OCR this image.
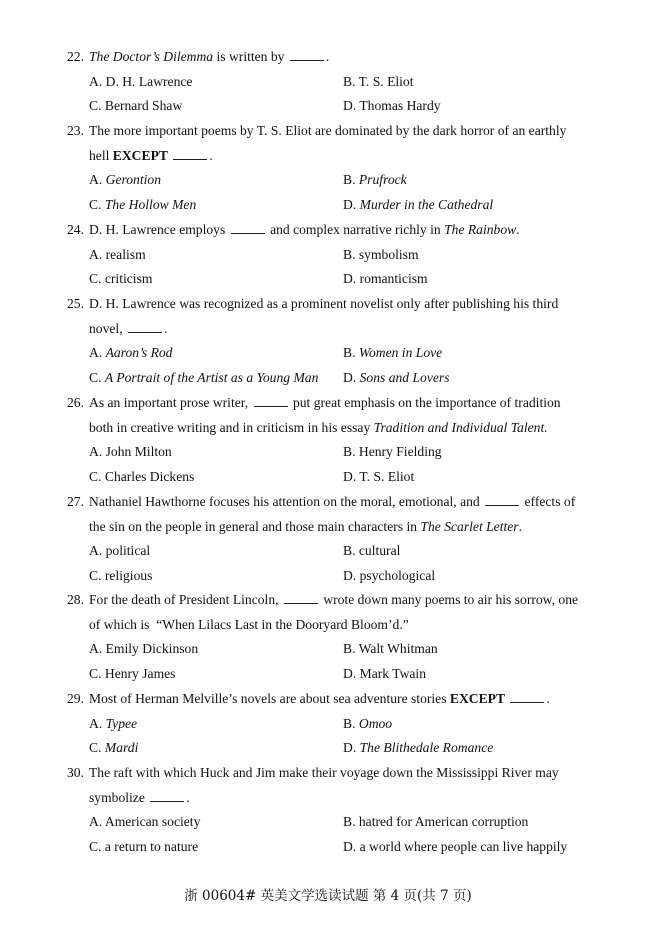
22. The Doctor’s Dilemma is written by	.
A. D. H. Lawrence	B. T. S. Eliot
C. Bernard Shaw	D. Thomas Hardy
23. The more important poems by T. S. Eliot are dominated by the dark horror of an earthly
hell EXCEPT	.
A. Gerontion	B. Prufrock
C. The Hollow Men	D. Murder in the Cathedral
24. D. H. Lawrence employs	and complex narrative richly in The Rainbow.
A. realism	B. symbolism
C. criticism	D. romanticism
25. D. H. Lawrence was recognized as a prominent novelist only after publishing his third
novel,	.
A. Aaron’s Rod	B. Women in Love
C. A Portrait of the Artist as a Young Man D. Sons and Lovers
26. As an important prose writer,	put great emphasis on the importance of tradition
both in creative writing and in criticism in his essay Tradition and Individual Talent.
A. John Milton	B. Henry Fielding
C. Charles Dickens	D. T. S. Eliot
27. Nathaniel Hawthorne focuses his attention on the moral, emotional, and	effects of
the sin on the people in general and those main characters in The Scarlet Letter.
A. political	B. cultural
C. religious	D. psychological
28. For the death of President Lincoln,	wrote down many poems to air his sorrow, one
of which is  “When Lilacs Last in the Dooryard Bloom’d.”
A. Emily Dickinson	B. Walt Whitman
C. Henry James	D. Mark Twain
29. Most of Herman Melville’s novels are about sea adventure stories EXCEPT	.
A. Typee	B. Omoo
C. Mardi	D. The Blithedale Romance
30. The raft with which Huck and Jim make their voyage down the Mississippi River may
symbolize	.
A. American society	B. hatred for American corruption
C. a return to nature	D. a world where people can live happily
浙 00604# 英美文学选读试题 第 4 页(共 7 页)
